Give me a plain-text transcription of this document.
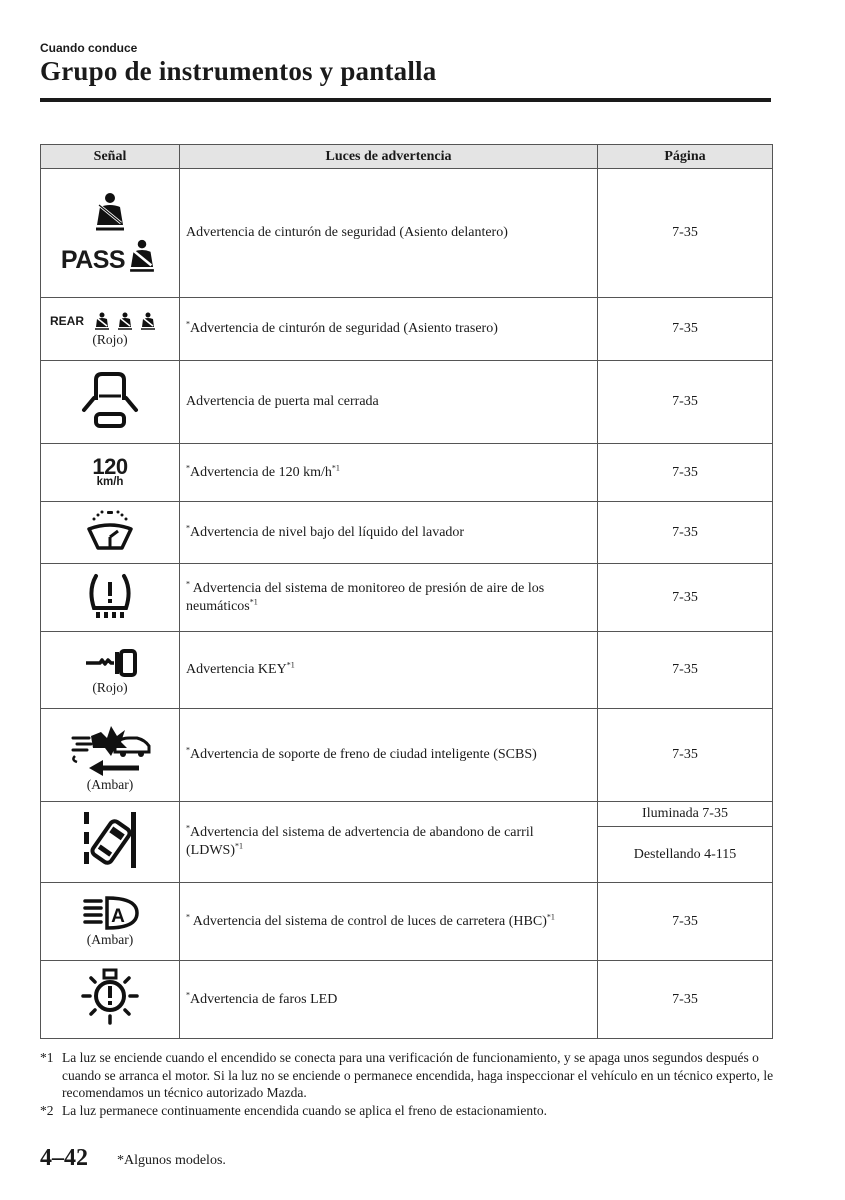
Cuando conduce
Grupo de instrumentos y pantalla
Señal	Luces de advertencia	Página

PASS	Advertencia de cinturón de seguridad (Asiento delantero)	7-35

REAR
(Rojo)	*Advertencia de cinturón de seguridad (Asiento trasero)	7-35
	Advertencia de puerta mal cerrada	7-35

120
km/h	*Advertencia de 120 $km/h^{*1}$	7-35
	*Advertencia de nivel bajo del líquido del lavador	7-35
	* Advertencia del sistema de monitoreo de presión de aire de los neumáticos$^{*1}$	7-35

(Rojo)	Advertencia KEY$^{*1}$	7-35

(Ambar)	*Advertencia de soporte de freno de ciudad inteligente (SCBS)	7-35
	*Advertencia del sistema de advertencia de abandono de carril (LDWS)$^{*1}$	Iluminada 7-35
		Destellando 4-115

A
(Ambar)	* Advertencia del sistema de control de luces de carretera (HBC)$^{*1}$	7-35
	*Advertencia de faros LED	7-35
*1 La luz se enciende cuando el encendido se conecta para una verificación de funcionamiento, y se apaga unos segundos después o cuando se arranca el motor. Si la luz no se enciende o permanece encendida, haga inspeccionar el vehículo en un técnico experto, le recomendamos un técnico autorizado Mazda.
*2 La luz permanece continuamente encendida cuando se aplica el freno de estacionamiento.
4–42 *Algunos modelos.
